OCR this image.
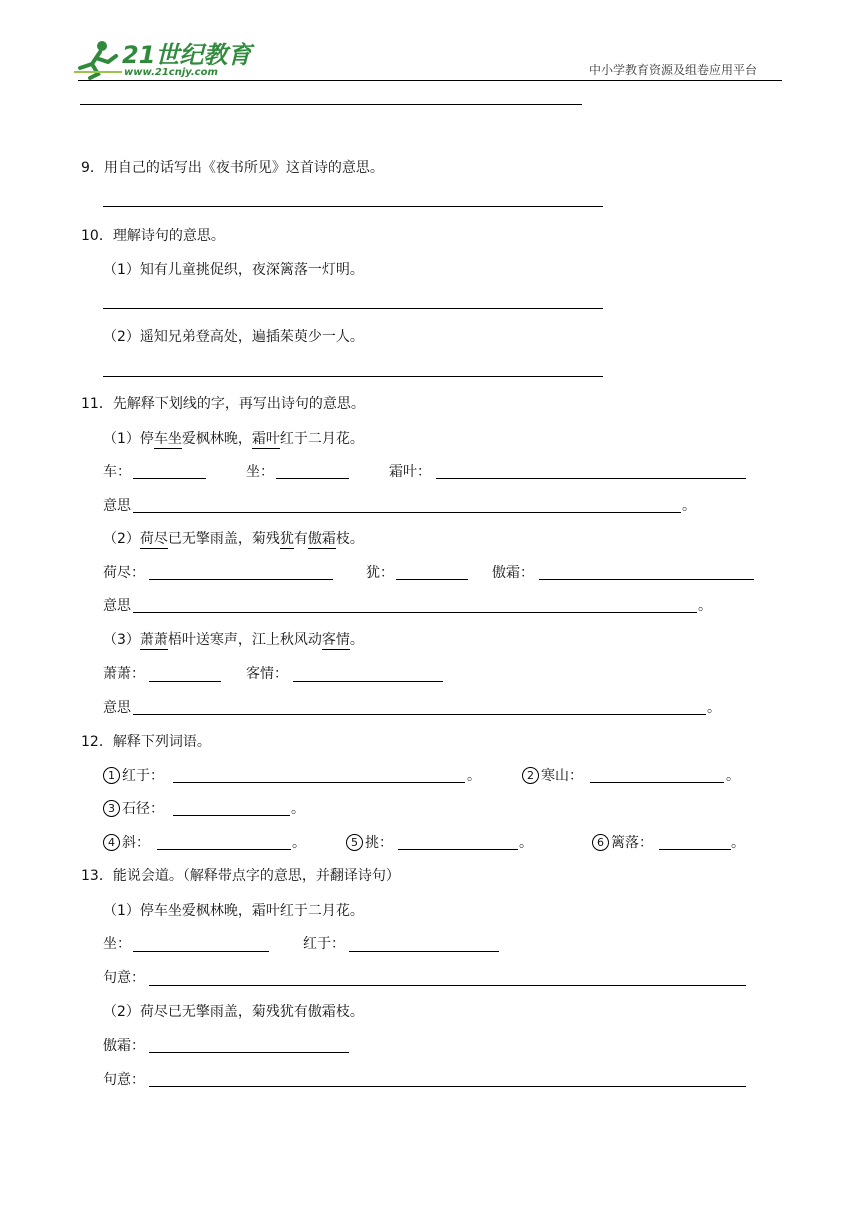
21世纪教育
www.21cnjy.com	中小学教育资源及组卷应用平台
9．用自己的话写出《夜书所见》这首诗的意思。
10．理解诗句的意思。
（1）知有儿童挑促织，夜深篱落一灯明。
（2）遥知兄弟登高处，遍插茱萸少一人。
11．先解释下划线的字，再写出诗句的意思。
（1）停车坐爱枫林晚，霜叶红于二月花。
车：	坐：	霜叶：
意思	。
（2）荷尽已无擎雨盖，菊残犹有傲霜枝。
荷尽：	犹：	傲霜：
意思	。
（3）萧萧梧叶送寒声，江上秋风动客情。
萧萧：	客情：
意思	。
12．解释下列词语。
1 红于：	。	2 寒山：	。
3 石径：	。
4 斜：	。	5 挑：	。	6 篱落：	。
13．能说会道。（解释带点字的意思，并翻译诗句）
（1）停车坐爱枫林晚，霜叶红于二月花。
坐：	红于：
句意：
（2）荷尽已无擎雨盖，菊残犹有傲霜枝。
傲霜：
句意：
